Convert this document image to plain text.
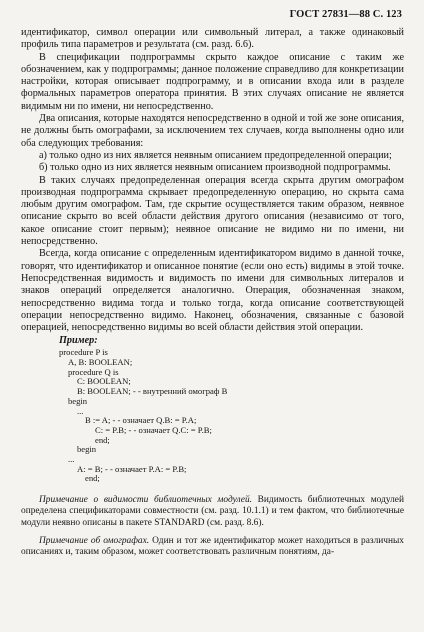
ГОСТ 27831—88 С. 123

идентификатор, символ операции или символьный литерал, а также одинаковый профиль типа параметров и результата (см. разд. 6.6).

В спецификации подпрограммы скрыто каждое описание с таким же обозначением, как у подпрограммы; данное положение справедливо для конкретизации настройки, которая описывает подпрограмму, и в описании входа или в разделе формальных параметров оператора принятия. В этих случаях описание не является видимым ни по имени, ни непосредственно.

Два описания, которые находятся непосредственно в одной и той же зоне описания, не должны быть омографами, за исключением тех случаев, когда выполнены одно или оба следующих требования:

а) только одно из них является неявным описанием предопределенной операции;

б) только одно из них является неявным описанием производной подпрограммы.

В таких случаях предопределенная операция всегда скрыта другим омографом производная подпрограмма скрывает предопределенную операцию, но скрыта сама любым другим омографом. Там, где скрытие осуществляется таким образом, неявное описание скрыто во всей области действия другого описания (независимо от того, какое описание стоит первым); неявное описание не видимо ни по имени, ни непосредственно.

Всегда, когда описание с определенным идентификатором видимо в данной точке, говорят, что идентификатор и описанное понятие (если оно есть) видимы в этой точке. Непосредственная видимость и видимость по имени для символьных литералов и знаков операций определяется аналогично. Операция, обозначенная знаком, непосредственно видима тогда и только тогда, когда описание соответствующей операции непосредственно видимо. Наконец, обозначения, связанные с базовой операцией, непосредственно видимы во всей области действия этой операции.

Пример:
procedure P is
A, B: BOOLEAN;
procedure Q is
C: BOOLEAN;
B: BOOLEAN; - - внутренний омограф B
begin
...
B := A; - - означает Q.B: = P.A;
C: = P.B; - - означает Q.C: = P.B;
end;
begin
...
A: = B; - - означает P.A: = P.B;
end;

Примечание о видимости библиотечных модулей. Видимость библиотечных модулей определена спецификаторами совместности (см. разд. 10.1.1) и тем фактом, что библиотечные модули неявно описаны в пакете STANDARD (см. разд. 8.6).

Примечание об омографах. Один и тот же идентификатор может находиться в различных описаниях и, таким образом, может соответствовать различным понятиям, да-
